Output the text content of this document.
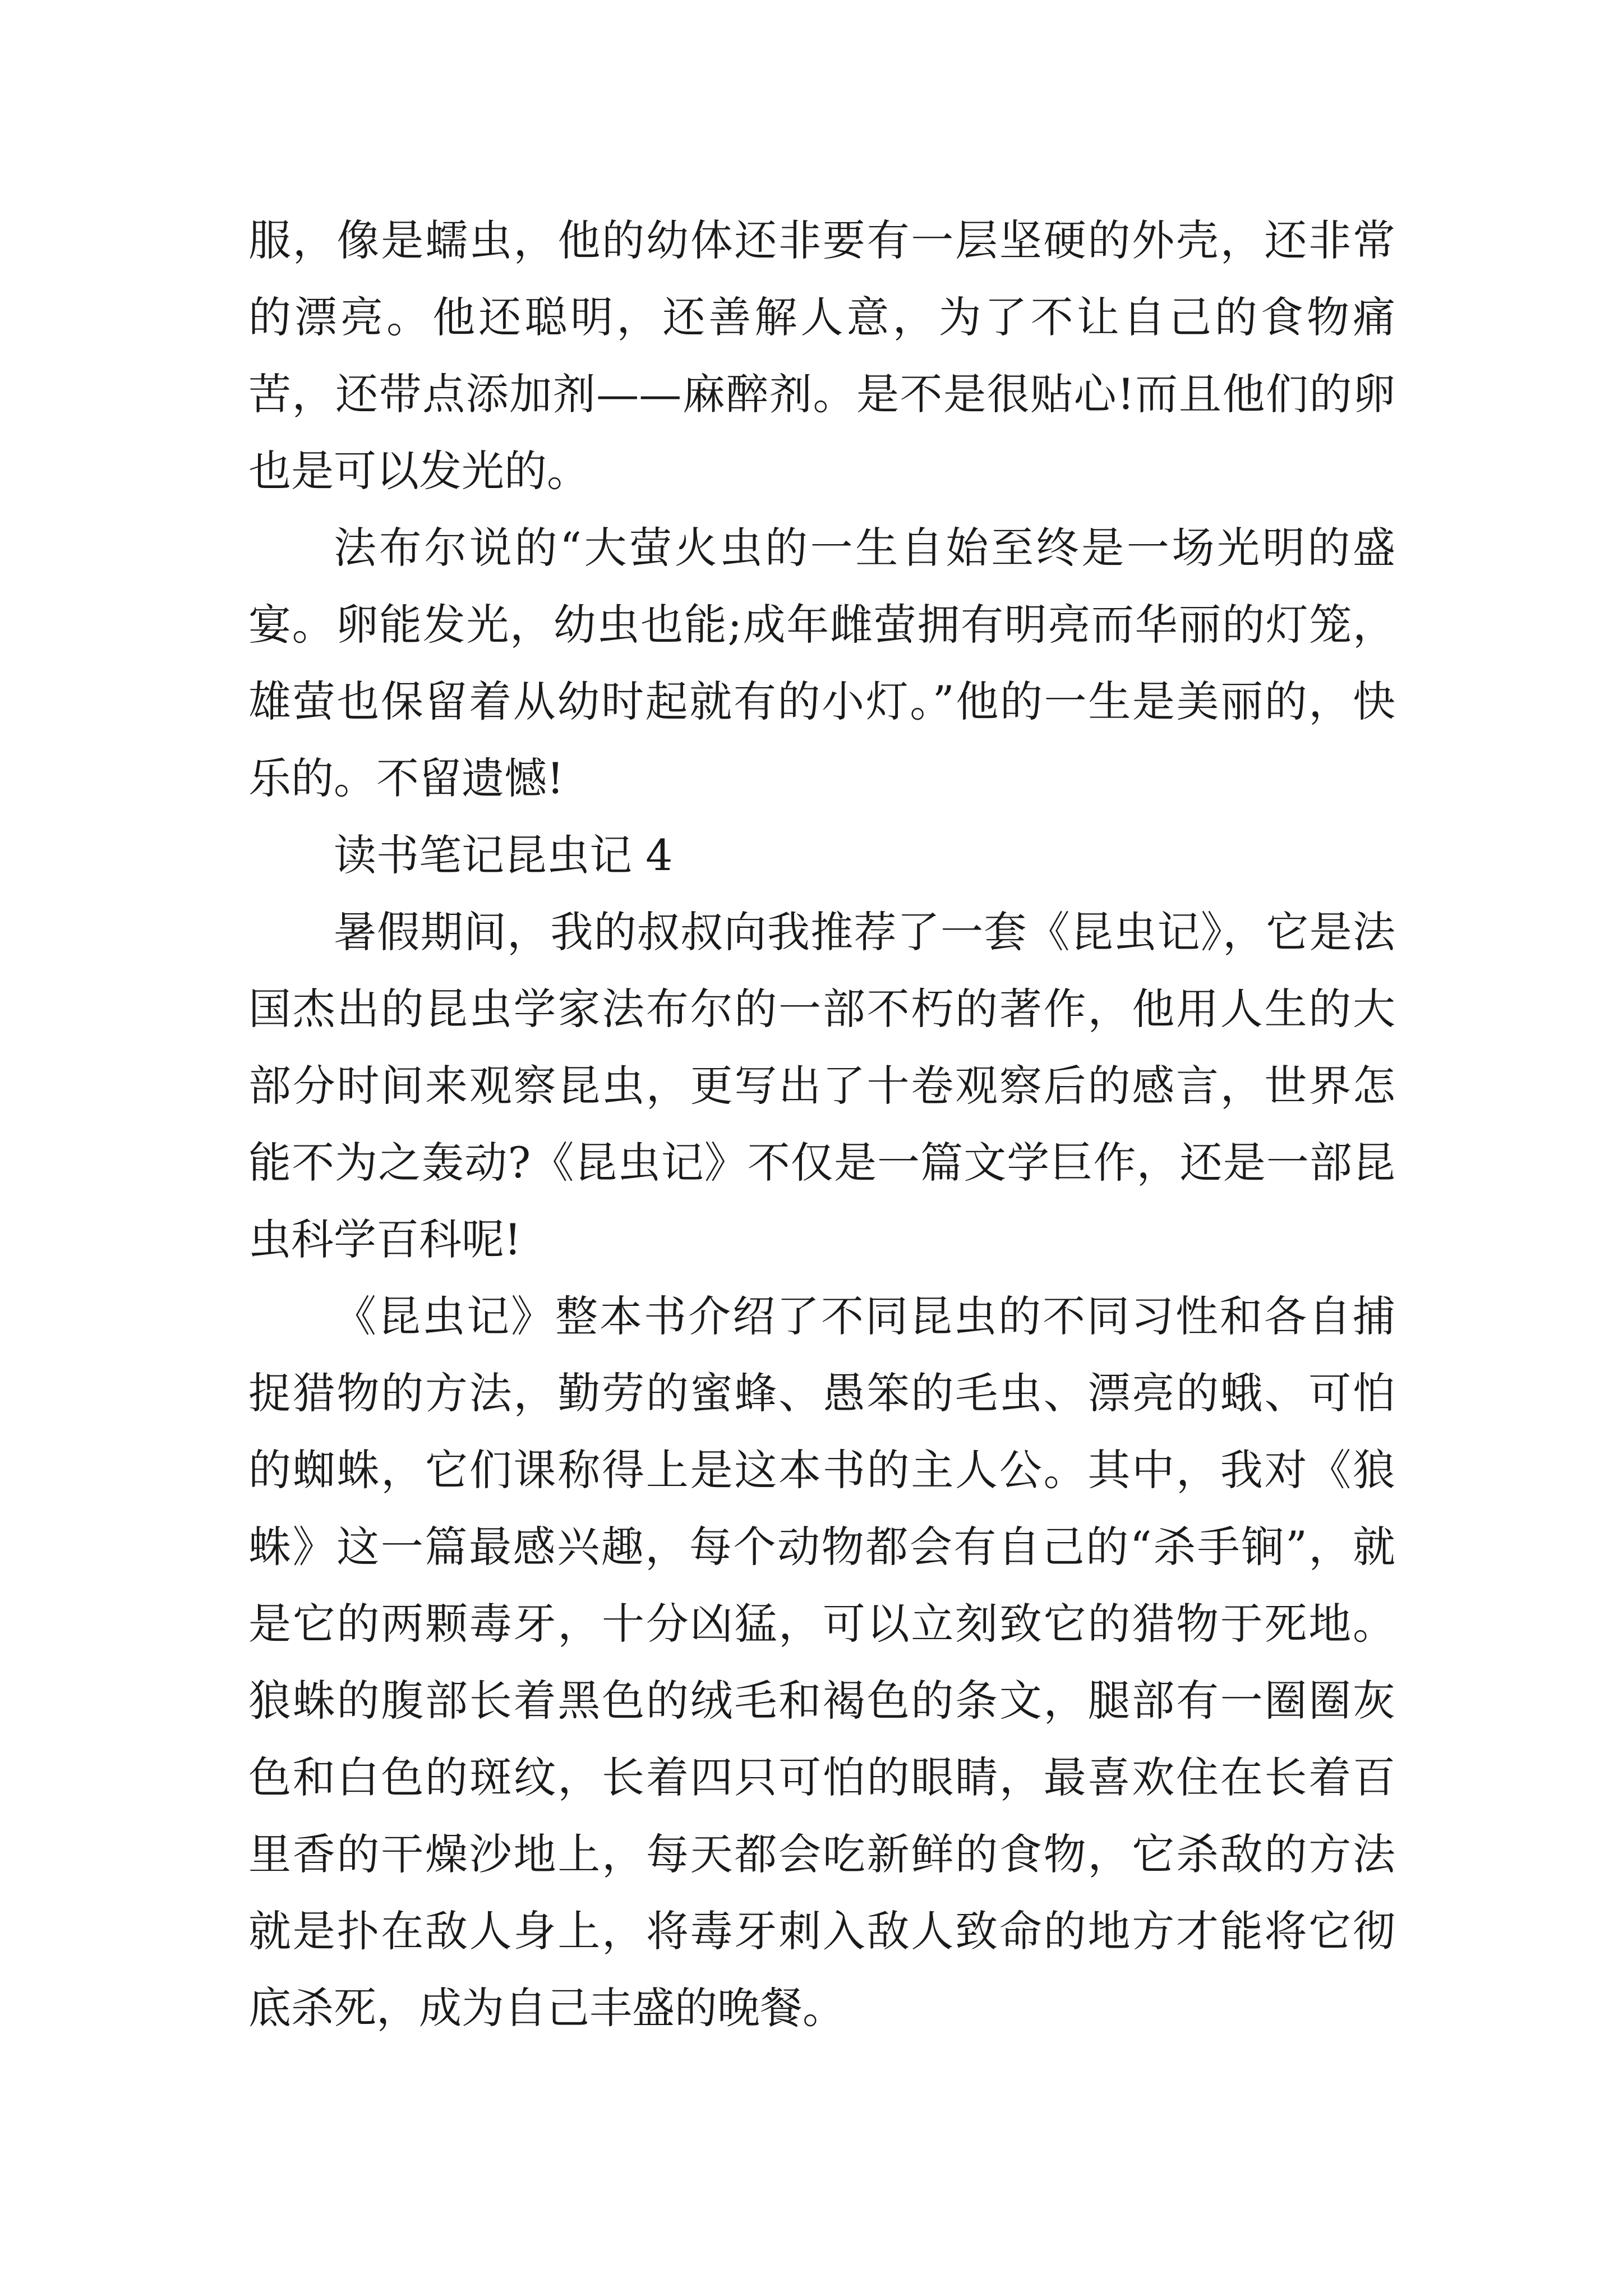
服，像是蠕虫，他的幼体还非要有一层坚硬的外壳，还非常的漂亮。他还聪明，还善解人意，为了不让自己的食物痛苦，还带点添加剂——麻醉剂。是不是很贴心!而且他们的卵也是可以发光的。

法布尔说的“大萤火虫的一生自始至终是一场光明的盛宴。卵能发光，幼虫也能;成年雌萤拥有明亮而华丽的灯笼，雄萤也保留着从幼时起就有的小灯。”他的一生是美丽的，快乐的。不留遗憾!

读书笔记昆虫记 4

暑假期间，我的叔叔向我推荐了一套《昆虫记》，它是法国杰出的昆虫学家法布尔的一部不朽的著作，他用人生的大部分时间来观察昆虫，更写出了十卷观察后的感言，世界怎能不为之轰动?《昆虫记》不仅是一篇文学巨作，还是一部昆虫科学百科呢!

《昆虫记》整本书介绍了不同昆虫的不同习性和各自捕捉猎物的方法，勤劳的蜜蜂、愚笨的毛虫、漂亮的蛾、可怕的蜘蛛，它们课称得上是这本书的主人公。其中，我对《狼蛛》这一篇最感兴趣，每个动物都会有自己的“杀手锏”，就是它的两颗毒牙，十分凶猛，可以立刻致它的猎物于死地。狼蛛的腹部长着黑色的绒毛和褐色的条文，腿部有一圈圈灰色和白色的斑纹，长着四只可怕的眼睛，最喜欢住在长着百里香的干燥沙地上，每天都会吃新鲜的食物，它杀敌的方法就是扑在敌人身上，将毒牙刺入敌人致命的地方才能将它彻底杀死，成为自己丰盛的晚餐。
